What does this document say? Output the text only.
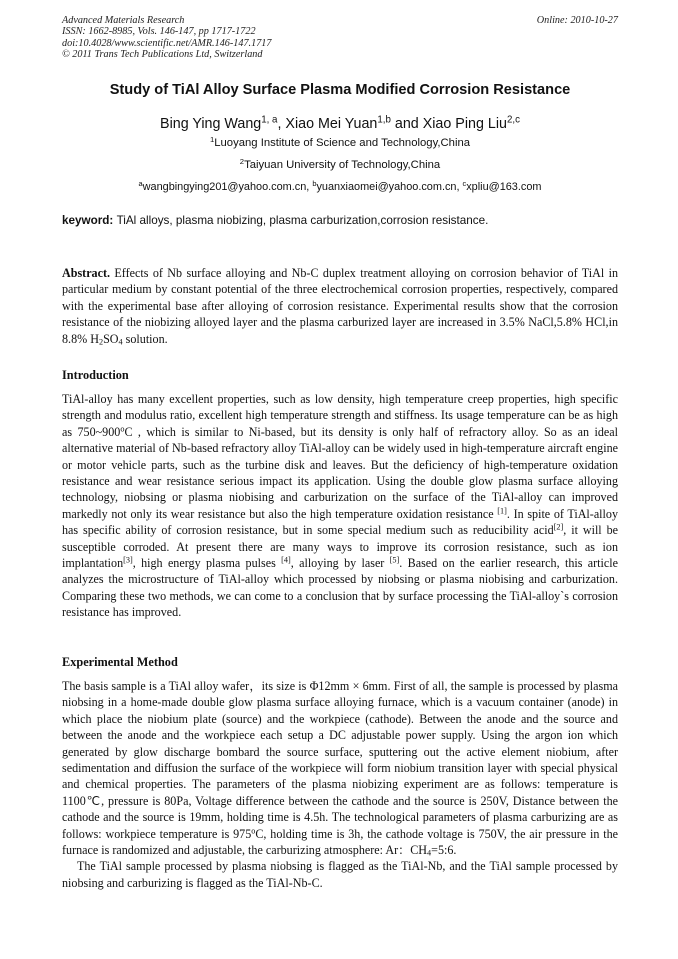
Advanced Materials Research
ISSN: 1662-8985, Vols. 146-147, pp 1717-1722
doi:10.4028/www.scientific.net/AMR.146-147.1717
© 2011 Trans Tech Publications Ltd, Switzerland
Online: 2010-10-27
Study of TiAl Alloy Surface Plasma Modified Corrosion Resistance
Bing Ying Wang$^{1, a}$, Xiao Mei Yuan$^{1,b}$ and Xiao Ping Liu$^{2,c}$
$^1$Luoyang Institute of Science and Technology,China
$^2$Taiyuan University of Technology,China
$^a$wangbingying201@yahoo.com.cn, $^b$yuanxiaomei@yahoo.com.cn, $^c$xpliu@163.com
keyword: TiAl alloys, plasma niobizing, plasma carburization,corrosion resistance.

Abstract. Effects of Nb surface alloying and Nb-C duplex treatment alloying on corrosion behavior of TiAl in particular medium by constant potential of the three electrochemical corrosion properties, respectively, compared with the experimental base after alloying of corrosion resistance. Experimental results show that the corrosion resistance of the niobizing alloyed layer and the plasma carburized layer are increased in 3.5% NaCl,5.8% HCl,in 8.8% $H_2SO_4$ solution.

Introduction

TiAl-alloy has many excellent properties, such as low density, high temperature creep properties, high specific strength and modulus ratio, excellent high temperature strength and stiffness. Its usage temperature can be as high as 750~900$^o$C , which is similar to Ni-based, but its density is only half of refractory alloy. So as an ideal alternative material of Nb-based refractory alloy TiAl-alloy can be widely used in high-temperature aircraft engine or motor vehicle parts, such as the turbine disk and leaves. But the deficiency of high-temperature oxidation resistance and wear resistance serious impact its application. Using the double glow plasma surface alloying technology, niobsing or plasma niobising and carburization on the surface of the TiAl-alloy can improved markedly not only its wear resistance but also the high temperature oxidation resistance [1]. In spite of TiAl-alloy has specific ability of corrosion resistance, but in some special medium such as reducibility acid[2], it will be susceptible corroded. At present there are many ways to improve its corrosion resistance, such as ion implantation[3], high energy plasma pulses [4], alloying by laser [5]. Based on the earlier research, this article analyzes the microstructure of TiAl-alloy which processed by niobsing or plasma niobising and carburization. Comparing these two methods, we can come to a conclusion that by surface processing the TiAl-alloy`s corrosion resistance has improved.

Experimental Method

The basis sample is a TiAl alloy wafer，its size is Φ12mm × 6mm. First of all, the sample is processed by plasma niobsing in a home-made double glow plasma surface alloying furnace, which is a vacuum container (anode) in which place the niobium plate (source) and the workpiece (cathode). Between the anode and the source and between the anode and the workpiece each setup a DC adjustable power supply. Using the argon ion which generated by glow discharge bombard the source surface, sputtering out the active element niobium, after sedimentation and diffusion the surface of the workpiece will form niobium transition layer with special physical and chemical properties. The parameters of the plasma niobizing experiment are as follows: temperature is 1100℃, pressure is 80Pa, Voltage difference between the cathode and the source is 250V, Distance between the cathode and the source is 19mm, holding time is 4.5h. The technological parameters of plasma carburizing are as follows: workpiece temperature is 975$^o$C, holding time is 3h, the cathode voltage is 750V, the air pressure in the furnace is randomized and adjustable, the carburizing atmosphere: Ar：$CH_4=5:6$.

The TiAl sample processed by plasma niobsing is flagged as the TiAl-Nb, and the TiAl sample processed by niobsing and carburizing is flagged as the TiAl-Nb-C.
